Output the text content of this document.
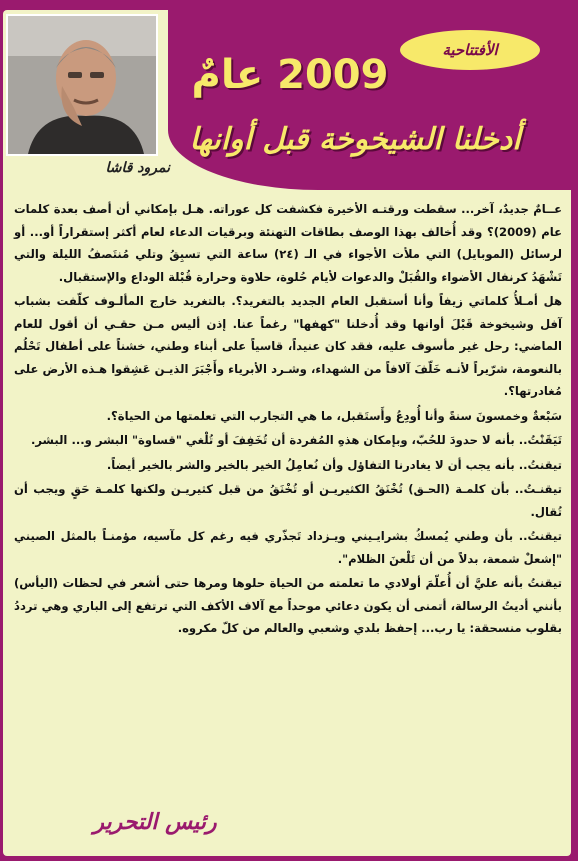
نمرود قاشا
الأفتتاحية
2009 عامٌ
أدخلنا الشيخوخة قبل أوانها

عــامٌ جديدٌ، آخر... سقطت ورقتـه الأخيرة فكشفت كل عوراته. هـل بإمكاني أن أصف بعدة كلمات عام (2009)؟ وقد أُخالف بهذا الوصف بطاقات التهنئة وبرقيات الدعاء لعام أكثر إستقراراً أو... أو لرسائل (الموبايل) التي ملأت الأجواء في الـ (٢٤) ساعة التي تسبِقُ وتلي مُنتَصفُ الليلة والتي تَشْهَدُ كرنفال الأضواء والقُبَلْ والدعوات لأيام حُلوة، حلاوة وحرارة قُبْلة الوداع والإستقبال.

هل أمـلأُ كلماتي زيفاً وأنا أستقبل العام الجديد بالتغريد؟. بالتغريد خارج المألـوف كلّفت بشباب آفل وشيخوخة قَبْلَ أوانها وقد أُدخلنا "كهفها" رغماً عنا. إذن أليس مـن حقـي أن أقول للعام الماضي: رحل غير مأسوف عليه، فقد كان عنيداً، قاسياً على أبناء وطني، خشناً على أطفال تَحْلُم بالنعومة، شرّيراً لأنـه خَلّفَ آلافاً من الشهداء، وشـرد الأبرياء وأَجْبَرَ الذيـن عَشِقوا هـذه الأرض على مُغادرتها؟.

سَبْعةٌ وخمسونَ سنةً وأنا أُودِعُ وأَستَقبل، ما هي التجارب التي تعلمتها من الحياة؟.

تَيَقَنْتُ.. بأنه لا حدودَ للحُبّ، وبإمكان هذهِ المُفردة أن تُخَفِفَ أو تُلْغي "قساوة" البشر و... البشر.

تيقنتُ.. بأنه يجب أن لا يغادرنا التفاؤل وأن نُعامِلُ الخير بالخير والشر بالخير أيضاً.

تيقنـتُ.. بأن كلمـة (الحـق) تُخْنَقُ الكثيريـن أو تُخْنَقُ من قبل كثيريـن ولكنها كلمـة حَقٍ ويجب أن تُقال.

تيقنتُ.. بأن وطني يُمسكُ بشرايـيني ويـزداد تَجذّري فيه رغم كل مآسيه، مؤمنـاً بالمثل الصيني "إشعلْ شمعة، بدلاً من أن تَلْعنَ الظلام".

تيقنتُ بأنه عليَّ أن أُعلّمَ أولادي ما تعلمته من الحياة حلوها ومرها حتى أشعر في لحظات (اليأس) بأنني أديتُ الرسالة، أتمنى أن يكون دعائي موحداً مع آلاف الأكف التي ترتفع إلى الباري وهي ترددُ بقلوب منسحقة: يا رب... إحفظ بلدي وشعبي والعالم من كلّ مكروه.

رئيس التحرير
